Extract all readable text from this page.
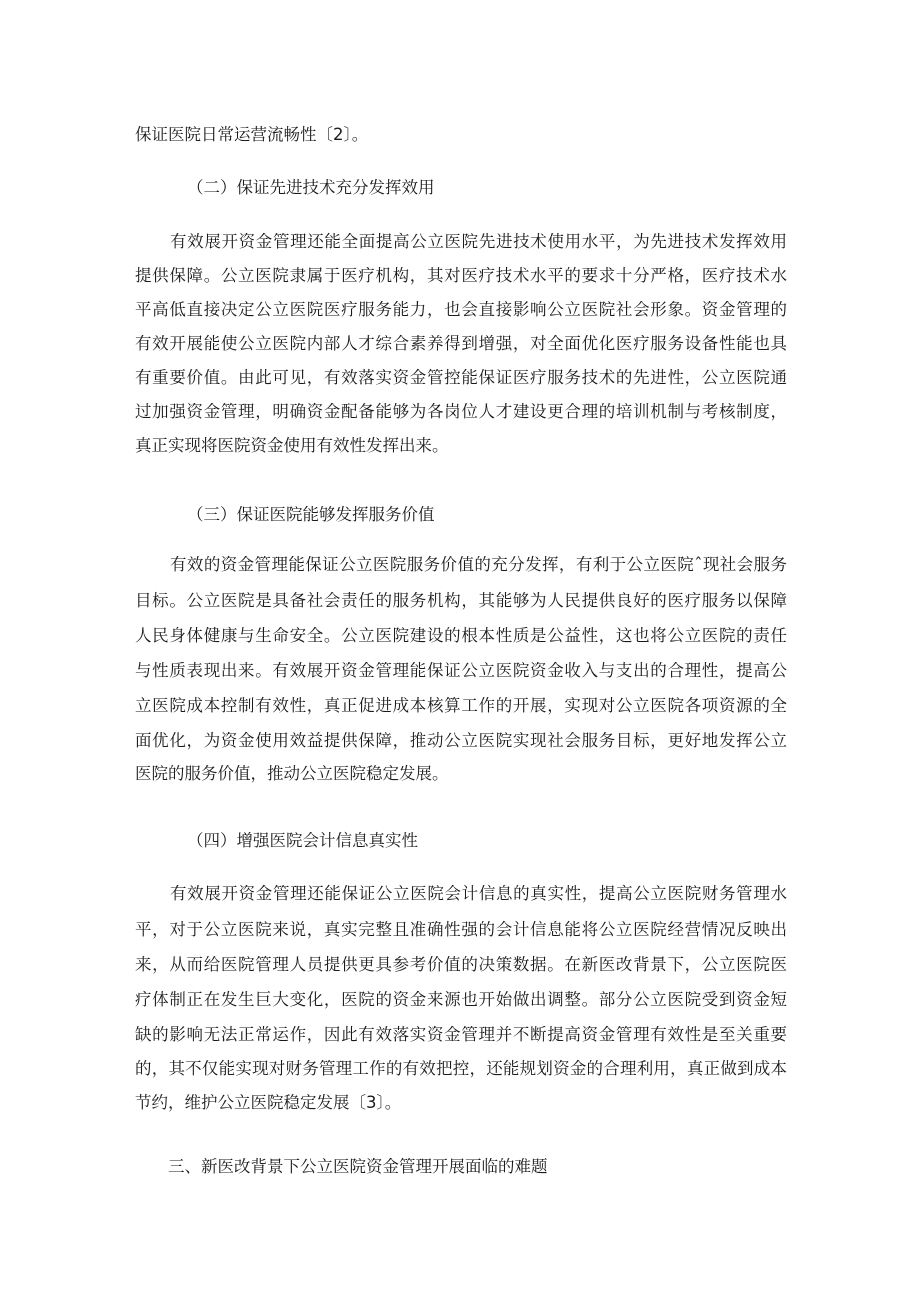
保证医院日常运营流畅性〔2〕。
（二）保证先进技术充分发挥效用
有效展开资金管理还能全面提高公立医院先进技术使用水平，为先进技术发挥效用
提供保障。公立医院隶属于医疗机构，其对医疗技术水平的要求十分严格，医疗技术水
平高低直接决定公立医院医疗服务能力，也会直接影响公立医院社会形象。资金管理的
有效开展能使公立医院内部人才综合素养得到增强，对全面优化医疗服务设备性能也具
有重要价值。由此可见，有效落实资金管控能保证医疗服务技术的先进性，公立医院通
过加强资金管理，明确资金配备能够为各岗位人才建设更合理的培训机制与考核制度，
真正实现将医院资金使用有效性发挥出来。
（三）保证医院能够发挥服务价值
有效的资金管理能保证公立医院服务价值的充分发挥，有利于公立医院ˆ现社会服务
目标。公立医院是具备社会责任的服务机构，其能够为人民提供良好的医疗服务以保障
人民身体健康与生命安全。公立医院建设的根本性质是公益性，这也将公立医院的责任
与性质表现出来。有效展开资金管理能保证公立医院资金收入与支出的合理性，提高公
立医院成本控制有效性，真正促进成本核算工作的开展，实现对公立医院各项资源的全
面优化，为资金使用效益提供保障，推动公立医院实现社会服务目标，更好地发挥公立
医院的服务价值，推动公立医院稳定发展。
（四）增强医院会计信息真实性
有效展开资金管理还能保证公立医院会计信息的真实性，提高公立医院财务管理水
平，对于公立医院来说，真实完整且准确性强的会计信息能将公立医院经营情况反映出
来，从而给医院管理人员提供更具参考价值的决策数据。在新医改背景下，公立医院医
疗体制正在发生巨大变化，医院的资金来源也开始做出调整。部分公立医院受到资金短
缺的影响无法正常运作，因此有效落实资金管理并不断提高资金管理有效性是至关重要
的，其不仅能实现对财务管理工作的有效把控，还能规划资金的合理利用，真正做到成本
节约，维护公立医院稳定发展〔3〕。
三、新医改背景下公立医院资金管理开展面临的难题
